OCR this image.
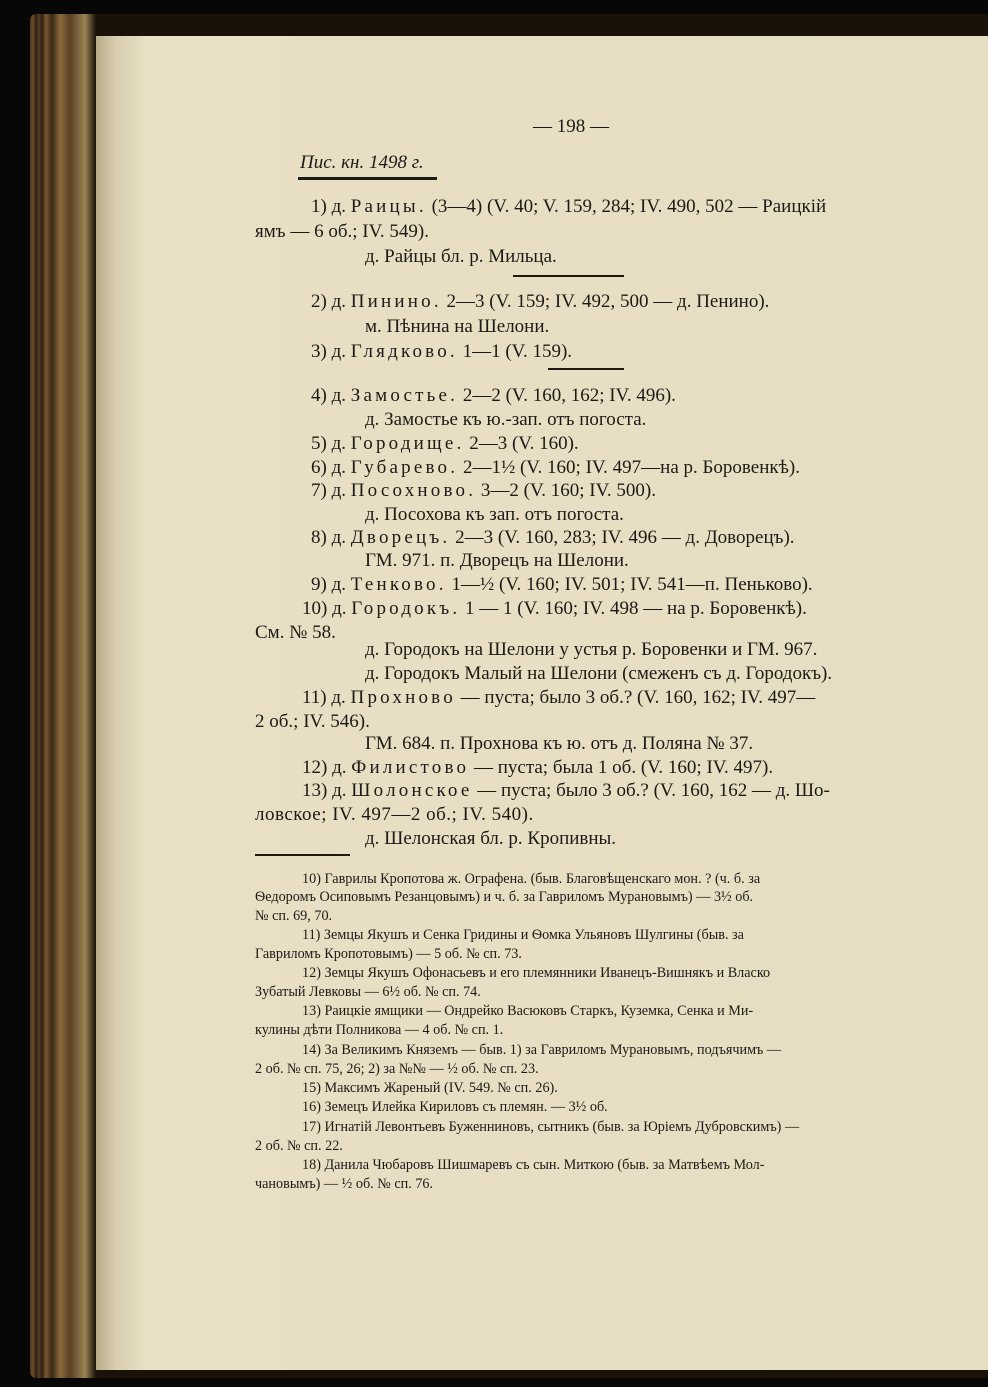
— 198 —
Пис. кн. 1498 г.
1) д. Раицы. (3—4) (V. 40; V. 159, 284; IV. 490, 502 — Раицкій
ямъ — 6 об.; IV. 549).
д. Райцы бл. р. Мильца.
2) д. Пинино. 2—3 (V. 159; IV. 492, 500 — д. Пенино).
м. Пѣнина на Шелони.
3) д. Глядково. 1—1 (V. 159).
4) д. Замостье. 2—2 (V. 160, 162; IV. 496).
д. Замостье къ ю.-зап. отъ погоста.
5) д. Городище. 2—3 (V. 160).
6) д. Губарево. 2—1½ (V. 160; IV. 497—на р. Боровенкѣ).
7) д. Посохново. 3—2 (V. 160; IV. 500).
д. Посохова къ зап. отъ погоста.
8) д. Дворецъ. 2—3 (V. 160, 283; IV. 496 — д. Доворецъ).
ГМ. 971. п. Дворецъ на Шелони.
9) д. Тенково. 1—½ (V. 160; IV. 501; IV. 541—п. Пеньково).
10) д. Городокъ. 1 — 1 (V. 160; IV. 498 — на р. Боровенкѣ).
См. № 58.
д. Городокъ на Шелони у устья р. Боровенки и ГМ. 967.
д. Городокъ Малый на Шелони (смеженъ съ д. Городокъ).
11) д. Прохново — пуста; было 3 об.? (V. 160, 162; IV. 497—
2 об.; IV. 546).
ГМ. 684. п. Прохнова къ ю. отъ д. Поляна № 37.
12) д. Филистово — пуста; была 1 об. (V. 160; IV. 497).
13) д. Шолонское — пуста; было 3 об.? (V. 160, 162 — д. Шо-
ловское; IV. 497—2 об.; IV. 540).
д. Шелонская бл. р. Кропивны.
10) Гаврилы Кропотова ж. Ографена. (быв. Благовѣщенскаго мон. ? (ч. б. за
Ѳедоромъ Осиповымъ Резанцовымъ) и ч. б. за Гавриломъ Мурановымъ) — 3½ об.
№ сп. 69, 70.
11) Земцы Якушъ и Сенка Гридины и Ѳомка Ульяновъ Шулгины (быв. за
Гавриломъ Кропотовымъ) — 5 об. № сп. 73.
12) Земцы Якушъ Офонасьевъ и его племянники Иванецъ-Вишнякъ и Власко
Зубатый Левковы — 6½ об. № сп. 74.
13) Раицкіе ямщики — Ондрейко Васюковъ Старкъ, Куземка, Сенка и Ми-
кулины дѣти Полникова — 4 об. № сп. 1.
14) За Великимъ Княземъ — быв. 1) за Гавриломъ Мурановымъ, подъячимъ —
2 об. № сп. 75, 26; 2) за №№ — ½ об. № сп. 23.
15) Максимъ Жареный (IV. 549. № сп. 26).
16) Земецъ Илейка Кириловъ съ племян. — 3½ об.
17) Игнатій Левонтьевъ Буженниновъ, сытникъ (быв. за Юріемъ Дубровскимъ) —
2 об. № сп. 22.
18) Данила Чюбаровъ Шишмаревъ съ сын. Миткою (быв. за Матвѣемъ Мол-
чановымъ) — ½ об. № сп. 76.
